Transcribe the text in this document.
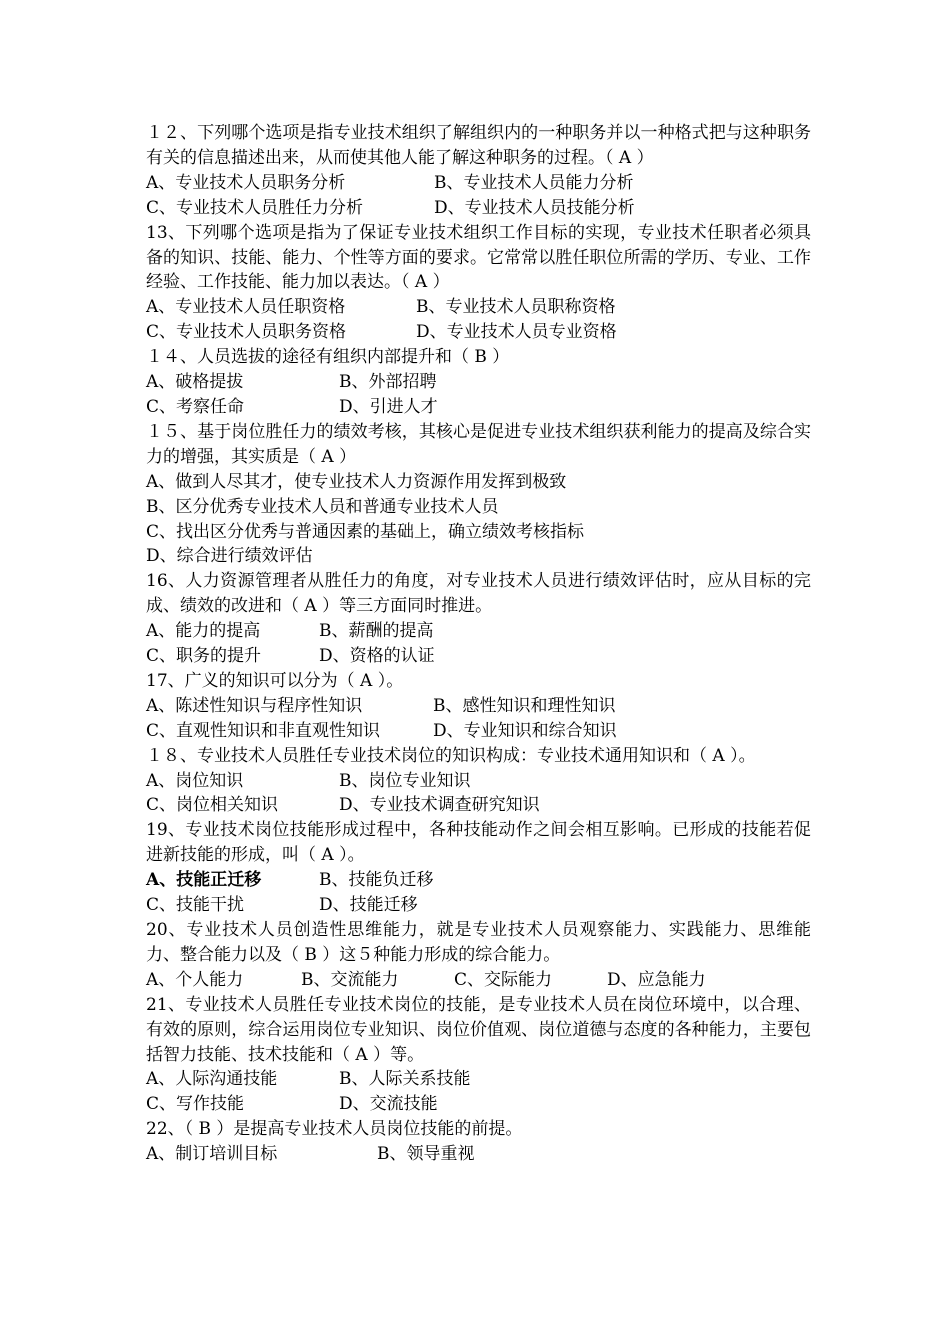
１２、下列哪个选项是指专业技术组织了解组织内的一种职务并以一种格式把与这种职务有关的信息描述出来，从而使其他人能了解这种职务的过程。（ A ）

A、专业技术人员职务分析	B、专业技术人员能力分析
C、专业技术人员胜任力分析	D、专业技术人员技能分析

13、下列哪个选项是指为了保证专业技术组织工作目标的实现，专业技术任职者必须具备的知识、技能、能力、个性等方面的要求。它常常以胜任职位所需的学历、专业、工作经验、工作技能、能力加以表达。（ A ）

A、专业技术人员任职资格	B、专业技术人员职称资格
C、专业技术人员职务资格	D、专业技术人员专业资格

１４、人员选拔的途径有组织内部提升和（ B ）

A、破格提拔	B、外部招聘
C、考察任命	D、引进人才

１５、基于岗位胜任力的绩效考核，其核心是促进专业技术组织获利能力的提高及综合实力的增强，其实质是（ A ）

A、做到人尽其才，使专业技术人力资源作用发挥到极致

B、区分优秀专业技术人员和普通专业技术人员

C、找出区分优秀与普通因素的基础上，确立绩效考核指标

D、综合进行绩效评估

16、人力资源管理者从胜任力的角度，对专业技术人员进行绩效评估时，应从目标的完成、绩效的改进和（ A ）等三方面同时推进。

A、能力的提高	B、薪酬的提高
C、职务的提升	D、资格的认证

17、广义的知识可以分为（ A ）。

A、陈述性知识与程序性知识	B、感性知识和理性知识
C、直观性知识和非直观性知识	D、专业知识和综合知识

１８、专业技术人员胜任专业技术岗位的知识构成：专业技术通用知识和（ A ）。

A、岗位知识	B、岗位专业知识
C、岗位相关知识	D、专业技术调查研究知识

19、专业技术岗位技能形成过程中，各种技能动作之间会相互影响。已形成的技能若促进新技能的形成，叫（ A ）。

A、技能正迁移	B、技能负迁移
C、技能干扰	D、技能迁移

20、专业技术人员创造性思维能力，就是专业技术人员观察能力、实践能力、思维能力、整合能力以及（ B ）这５种能力形成的综合能力。

A、个人能力	B、交流能力	C、交际能力	D、应急能力

21、专业技术人员胜任专业技术岗位的技能，是专业技术人员在岗位环境中，以合理、有效的原则，综合运用岗位专业知识、岗位价值观、岗位道德与态度的各种能力，主要包括智力技能、技术技能和（ A ）等。

A、人际沟通技能	B、人际关系技能
C、写作技能	D、交流技能

22、（ B ）是提高专业技术人员岗位技能的前提。

A、制订培训目标	B、领导重视
